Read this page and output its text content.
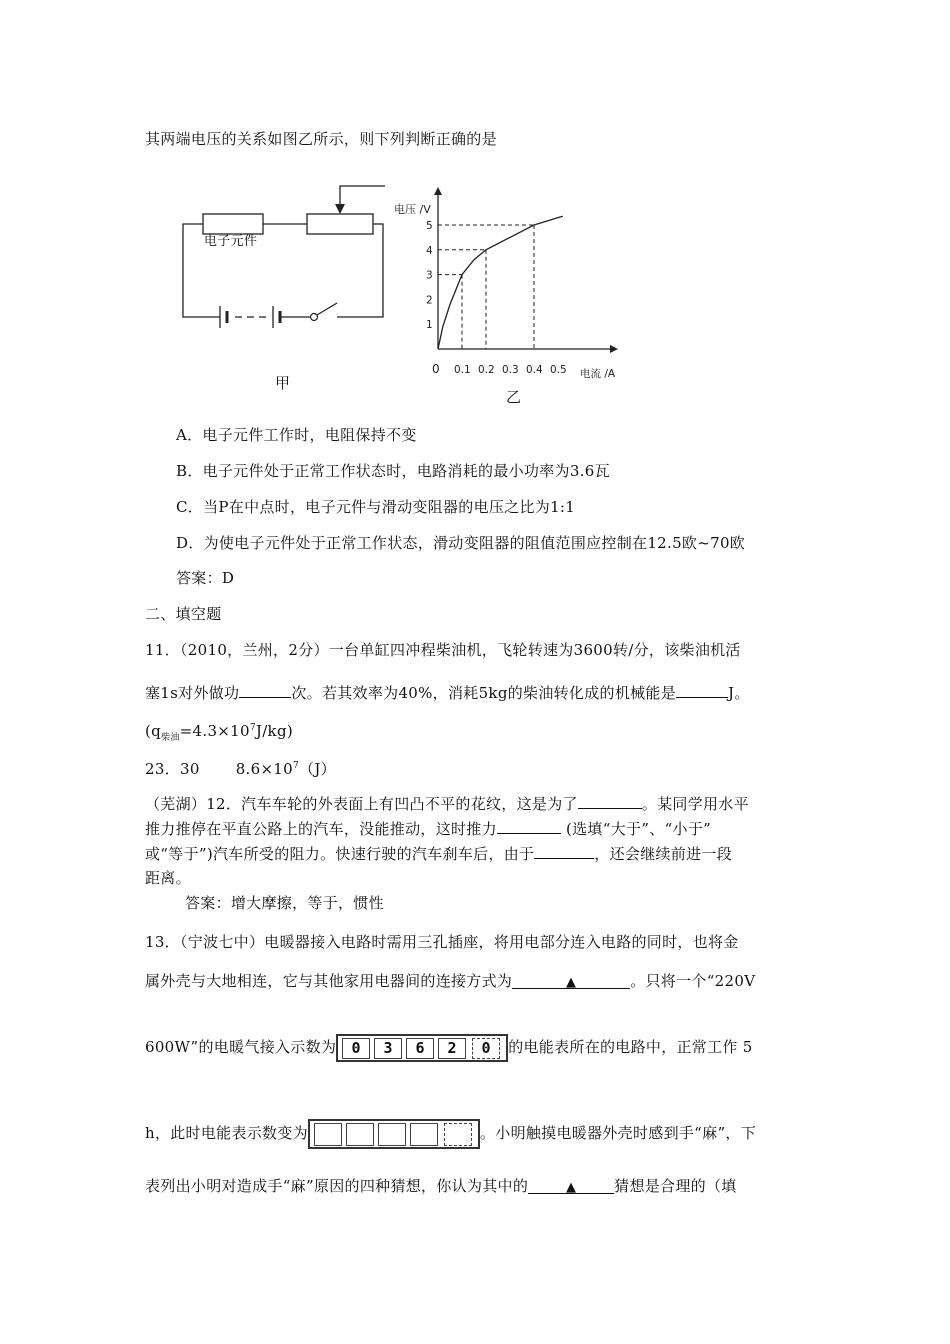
其两端电压的关系如图乙所示，则下列判断正确的是
电子元件
甲
0.1 0.2 0.3 0.4 0.5
1
2
3
4
5
电压 /V
电流 /A
0
乙
A．电子元件工作时，电阻保持不变
B．电子元件处于正常工作状态时，电路消耗的最小功率为3.6瓦
C．当P在中点时，电子元件与滑动变阻器的电压之比为1:1
D．为使电子元件处于正常工作状态，滑动变阻器的阻值范围应控制在12.5欧~70欧
答案：D
二、填空题
11．（2010，兰州，2分）一台单缸四冲程柴油机，飞轮转速为3600转/分，该柴油机活
塞1s对外做功	次。若其效率为40%，消耗5kg的柴油转化成的机械能是	J。
$(q_{柴油}=4.3\times 10^7J/kg)$
23．30 $8.6\times 10^7(J)$
（芜湖）12．汽车车轮的外表面上有凹凸不平的花纹，这是为了	。某同学用水平
推力推停在平直公路上的汽车，没能推动，这时推力	(选填“大于”、“小于”
或“等于”)汽车所受的阻力。快速行驶的汽车刹车后，由于	，还会继续前进一段
距离。
答案：增大摩擦，等于，惯性
13．（宁波七中）电暖器接入电路时需用三孔插座，将用电部分连入电路的同时，也将金
属外壳与大地相连，它与其他家用电器间的连接方式为	▲	。只将一个“220V
600W”的电暖气接入示数为	0	3	6	2	0	的电能表所在的电路中，正常工作 5
h，此时电能表示数变为	。小明触摸电暖器外壳时感到手“麻”，下
表列出小明对造成手“麻”原因的四种猜想，你认为其中的	▲	猜想是合理的（填
